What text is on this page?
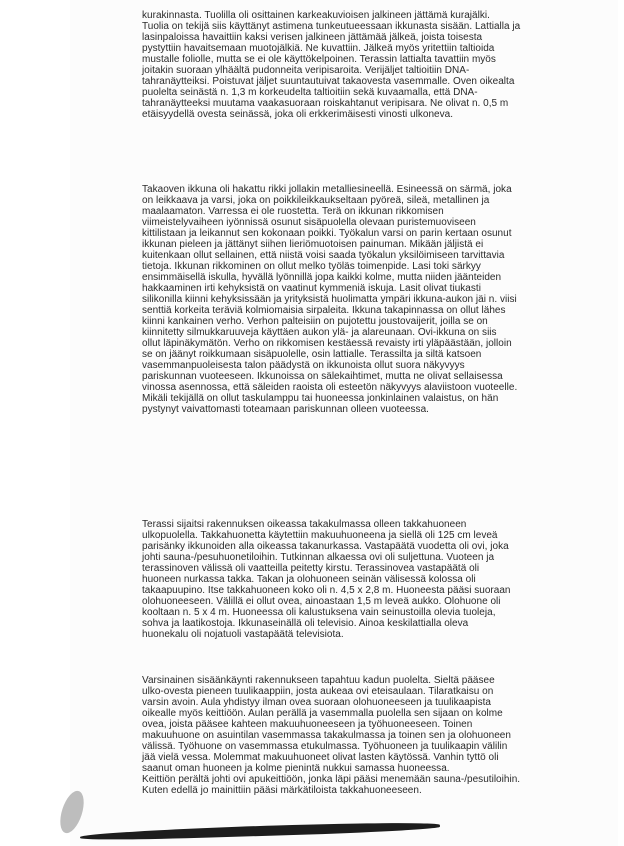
kurakinnasta. Tuolilla oli osittainen karkeakuvioisen jalkineen jättämä kurajälki.
Tuolia on tekijä siis käyttänyt astimena tunkeutueessaan ikkunasta sisään. Lattialla ja
lasinpaloissa havaittiin kaksi verisen jalkineen jättämää jälkeä, joista toisesta
pystyttiin havaitsemaan muotojälkiä. Ne kuvattiin. Jälkeä myös yritettiin taltioida
mustalle foliolle, mutta se ei ole käyttökelpoinen. Terassin lattialta tavattiin myös
joitakin suoraan ylhäältä pudonneita veripisaroita. Verijäljet taltioitiin DNA-
tahranäytteiksi. Poistuvat jäljet suuntautuivat takaovesta vasemmalle. Oven oikealta
puolelta seinästä n. 1,3 m korkeudelta taltioitiin sekä kuvaamalla, että DNA-
tahranäytteeksi muutama vaakasuoraan roiskahtanut veripisara. Ne olivat n. 0,5 m
etäisyydellä ovesta seinässä, joka oli erkkerimäisesti vinosti ulkoneva.
Takaoven ikkuna oli hakattu rikki jollakin metalliesineellä. Esineessä on särmä, joka
on leikkaava ja varsi, joka on poikkileikkaukseltaan pyöreä, sileä, metallinen ja
maalaamaton. Varressa ei ole ruostetta. Terä on ikkunan rikkomisen
viimeistelyvaiheen iyönnissä osunut sisäpuolella olevaan puristemuoviseen
kittilistaan ja leikannut sen kokonaan poikki. Työkalun varsi on parin kertaan osunut
ikkunan pieleen ja jättänyt siihen lieriömuotoisen painuman. Mikään jäljistä ei
kuitenkaan ollut sellainen, että niistä voisi saada työkalun yksilöimiseen tarvittavia
tietoja. Ikkunan rikkominen on ollut melko työläs toimenpide. Lasi toki särkyy
ensimmäisellä iskulla, hyvällä lyönnillä jopa kaikki kolme, mutta niiden jäänteiden
hakkaaminen irti kehyksistä on vaatinut kymmeniä iskuja. Lasit olivat tiukasti
silikonilla kiinni kehyksissään ja yrityksistä huolimatta ympäri ikkuna-aukon jäi n. viisi
senttiä korkeita teräviä kolmiomaisia sirpaleita. Ikkuna takapinnassa on ollut lähes
kiinni kankainen verho. Verhon palteisiin on pujotettu joustovaijerit, joilla se on
kiinnitetty silmukkaruuveja käyttäen aukon ylä- ja alareunaan. Ovi-ikkuna on siis
ollut läpinäkymätön. Verho on rikkomisen kestäessä revaisty irti yläpäästään, jolloin
se on jäänyt roikkumaan sisäpuolelle, osin lattialle. Terassilta ja siltä katsoen
vasemmanpuoleisesta talon päädystä on ikkunoista ollut suora näkyvyys
pariskunnan vuoteeseen. Ikkunoissa on sälekaihtimet, mutta ne olivat sellaisessa
vinossa asennossa, että säleiden raoista oli esteetön näkyvyys alaviistoon vuoteelle.
Mikäli tekijällä on ollut taskulamppu tai huoneessa jonkinlainen valaistus, on hän
pystynyt vaivattomasti toteamaan pariskunnan olleen vuoteessa.
Terassi sijaitsi rakennuksen oikeassa takakulmassa olleen takkahuoneen
ulkopuolella. Takkahuonetta käytettiin makuuhuoneena ja siellä oli 125 cm leveä
parisänky ikkunoiden alla oikeassa takanurkassa. Vastapäätä vuodetta oli ovi, joka
johti sauna-/pesuhuonetiloihin. Tutkinnan alkaessa ovi oli suljettuna. Vuoteen ja
terassinoven välissä oli vaatteilla peitetty kirstu. Terassinovea vastapäätä oli
huoneen nurkassa takka. Takan ja olohuoneen seinän välisessä kolossa oli
takaapuupino. Itse takkahuoneen koko oli n. 4,5 x 2,8 m. Huoneesta pääsi suoraan
olohuoneeseen. Välillä ei ollut ovea, ainoastaan 1,5 m leveä aukko. Olohuone oli
kooltaan n. 5 x 4 m. Huoneessa oli kalustuksena vain seinustoilla olevia tuoleja,
sohva ja laatikostoja. Ikkunaseinällä oli televisio. Ainoa keskilattialla oleva
huonekalu oli nojatuoli vastapäätä televisiota.
Varsinainen sisäänkäynti rakennukseen tapahtuu kadun puolelta. Sieltä pääsee
ulko-ovesta pieneen tuulikaappiin, josta aukeaa ovi eteisaulaan. Tilaratkaisu on
varsin avoin. Aula yhdistyy ilman ovea suoraan olohuoneeseen ja tuulikaapista
oikealle myös keittiöön. Aulan perällä ja vasemmalla puolella sen sijaan on kolme
ovea, joista pääsee kahteen makuuhuoneeseen ja työhuoneeseen. Toinen
makuuhuone on asuintilan vasemmassa takakulmassa ja toinen sen ja olohuoneen
välissä. Työhuone on vasemmassa etukulmassa. Työhuoneen ja tuulikaapin välilin
jää vielä vessa. Molemmat makuuhuoneet olivat lasten käytössä. Vanhin tyttö oli
saanut oman huoneen ja kolme pienintä nukkui samassa huoneessa.
Keittiön perältä johti ovi apukeittiöön, jonka läpi pääsi menemään sauna-/pesutiloihin.
Kuten edellä jo mainittiin pääsi märkätiloista takkahuoneeseen.
